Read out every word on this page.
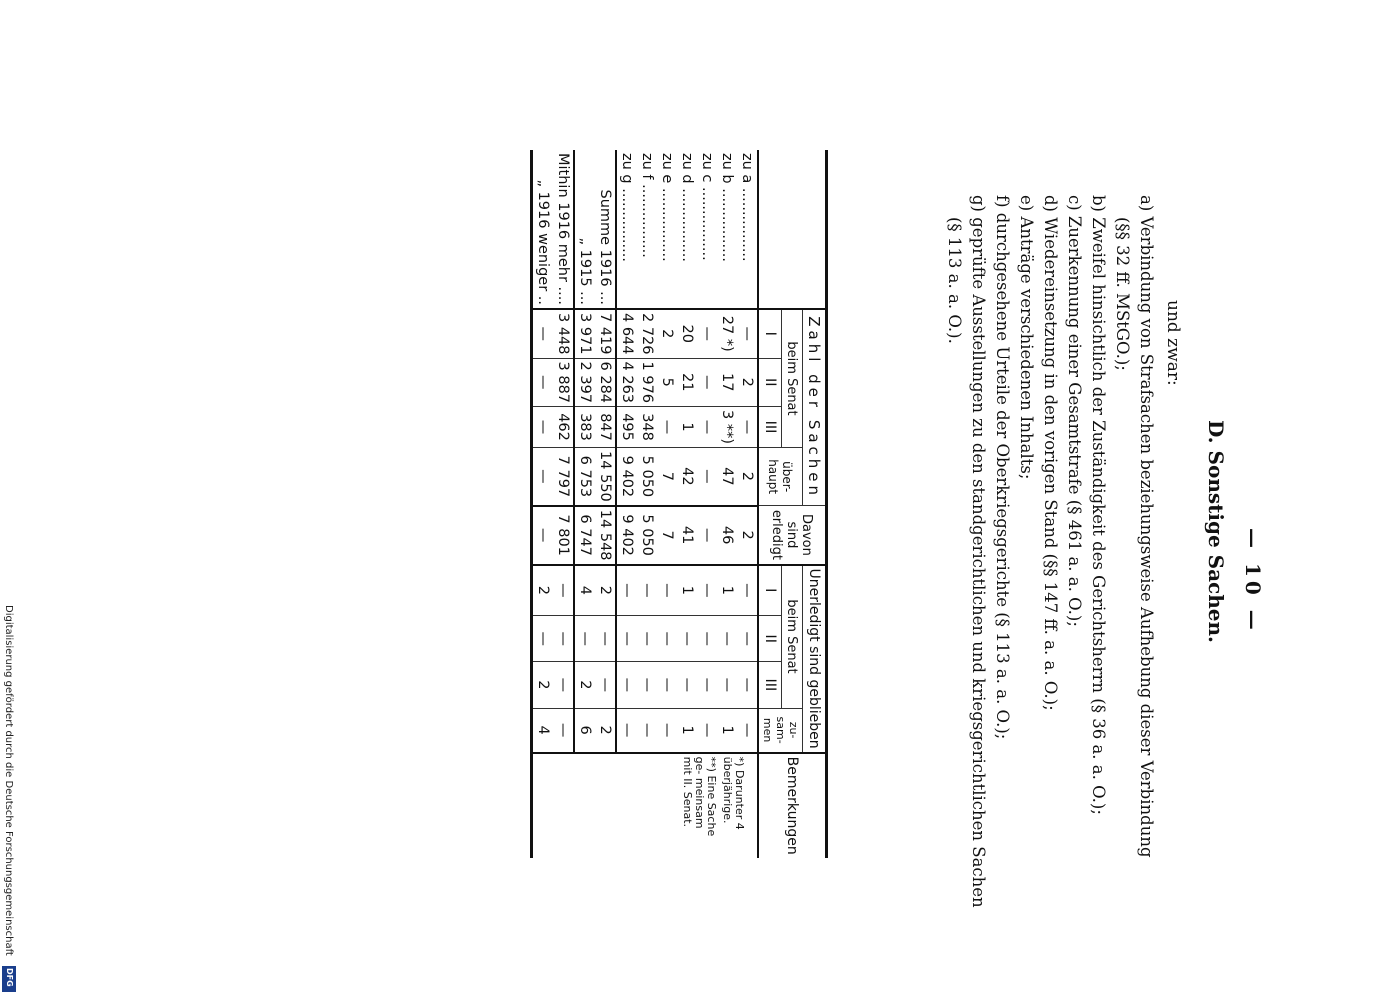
— 10 —
D. Sonstige Sachen.
und zwar:
a) Verbindung von Strafsachen beziehungsweise Aufhebung dieser Verbindung
(§§ 32 ff. MStGO.);
b) Zweifel hinsichtlich der Zuständigkeit des Gerichtsherrn (§ 36 a. a. O.);
c) Zuerkennung einer Gesamtstrafe (§ 461 a. a. O.);
d) Wiedereinsetzung in den vorigen Stand (§§ 147 ff. a. a. O.);
e) Anträge verschiedenen Inhalts;
f) durchgesehene Urteile der Oberkriegsgerichte (§ 113 a. a. O.);
g) geprüfte Ausstellungen zu den standgerichtlichen und kriegsgerichtlichen Sachen
(§ 113 a. a. O.).
	Zahl der Sachen				Davon
sind erledigt	Unerledigt sind geblieben				Bemerkungen
	beim Senat			über- haupt		beim Senat			zu- sam- men	
	I	II	III			I	II	III		
zu a ................	—	2	—	2	2	—	—	—	—	*) Darunter 4 überjährige.
**) Eine Sache ge- meinsam mit II. Senat.

zu b ................	27 *)	17	3 **)	47	46	1	—	—	1	
zu c ................	—	—	—	—	—	—	—	—	—	
zu d ................	20	21	1	42	41	1	—	—	1	
zu e ................	2	5	—	7	7	—	—	—	—	
zu f ................	2 726	1 976	348	5 050	5 050	—	—	—	—	
zu g ................	4 644	4 263	495	9 402	9 402	—	—	—	—	
Summe 1916 ...	7 419	6 284	847	14 550	14 548	2	—	—	2	
„ 1915 ...	3 971	2 397	383	6 753	6 747	4	—	2	6	
Mithin 1916 mehr ....	3 448	3 887	462	7 797	7 801	—	—	—	—	
„ 1916 weniger ..	—	—	—	—	—	2	—	2	4	
Digitalisierung gefördert durch die Deutsche Forschungsgemeinschaft
DFG
